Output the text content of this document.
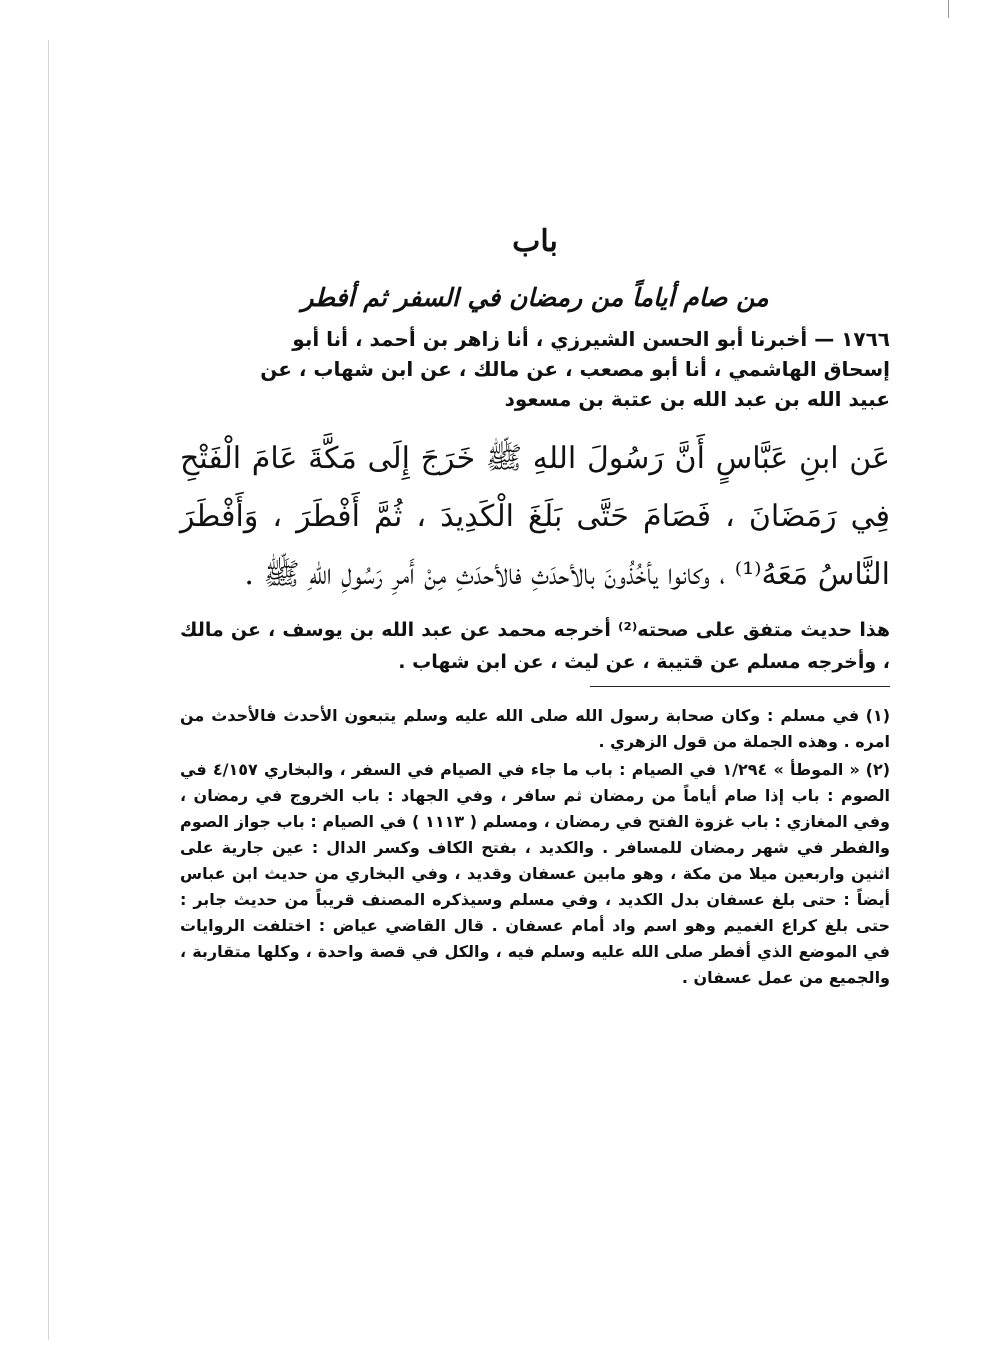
باب
من صام أياماً من رمضان في السفر ثم أفطر
١٧٦٦ — أخبرنا أبو الحسن الشيرزي ، أنا زاهر بن أحمد ، أنا أبو
إسحاق الهاشمي ، أنا أبو مصعب ، عن مالك ، عن ابن شهاب ، عن
عبيد الله بن عبد الله بن عتبة بن مسعود
عَن ابنِ عَبَّاسٍ أَنَّ رَسُولَ اللهِ ﷺ خَرَجَ إِلَى مَكَّةَ عَامَ الْفَتْحِ فِي رَمَضَانَ ، فَصَامَ حَتَّى بَلَغَ الْكَدِيدَ ، ثُمَّ أَفْطَرَ ، وَأَفْطَرَ النَّاسُ مَعَهُ⁽¹⁾ ، وكانوا يأخُذُونَ بالأحدَثِ فالأحدَثِ مِنْ أَمرِ رَسُولِ اللهِ ﷺ .
هذا حديث متفق على صحته⁽²⁾ أخرجه محمد عن عبد الله بن يوسف ، عن مالك ، وأخرجه مسلم عن قتيبة ، عن ليث ، عن ابن شهاب .
(١) في مسلم : وكان صحابة رسول الله صلى الله عليه وسلم يتبعون الأحدث فالأحدث من امره . وهذه الجملة من قول الزهري .
(٢) « الموطأ » ١/٢٩٤ في الصيام : باب ما جاء في الصيام في السفر ، والبخاري ٤/١٥٧ في الصوم : باب إذا صام أياماً من رمضان ثم سافر ، وفي الجهاد : باب الخروج في رمضان ، وفي المغازي : باب غزوة الفتح في رمضان ، ومسلم ( ١١١٣ ) في الصيام : باب جواز الصوم والفطر في شهر رمضان للمسافر . والكديد ، بفتح الكاف وكسر الدال : عين جارية على اثنين واربعين ميلا من مكة ، وهو مابين عسفان وقديد ، وفي البخاري من حديث ابن عباس أيضاً : حتى بلغ عسفان بدل الكديد ، وفي مسلم وسيذكره المصنف قريباً من حديث جابر : حتى بلغ كراع الغميم وهو اسم واد أمام عسفان . قال القاضي عياض : اختلفت الروايات في الموضع الذي أفطر صلى الله عليه وسلم فيه ، والكل في قصة واحدة ، وكلها متقاربة ، والجميع من عمل عسفان .
